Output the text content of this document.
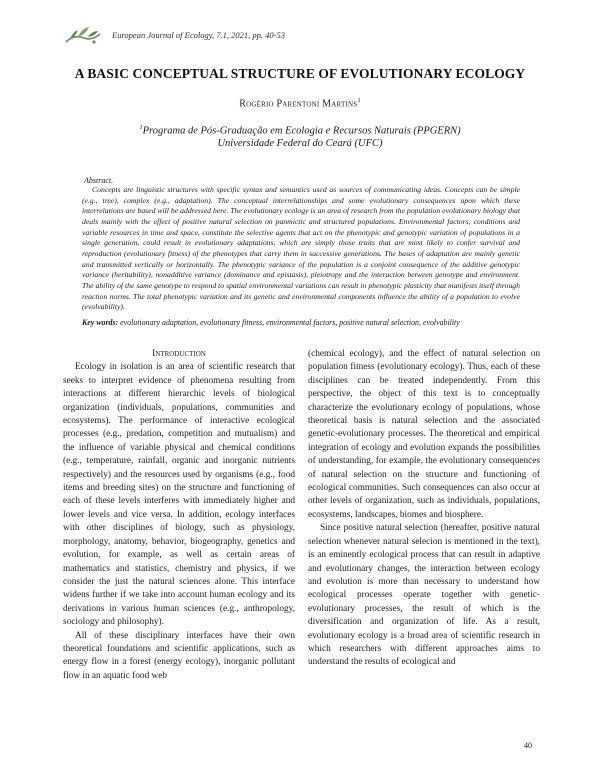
European Journal of Ecology, 7.1, 2021, pp. 40-53
A BASIC CONCEPTUAL STRUCTURE OF EVOLUTIONARY ECOLOGY
Rogério Parentoni Martins$^1$
$^1$Programa de Pós-Graduação em Ecologia e Recursos Naturais (PPGERN)
Universidade Federal do Ceará (UFC)
Abstract.

Concepts are linguistic structures with specific syntax and semantics used as sources of communicating ideas. Concepts can be simple (e.g., tree), complex (e.g., adaptation). The conceptual interrelationships and some evolutionary consequences upon which these interrelations are based will be addressed here. The evolutionary ecology is an area of research from the population evolutionary biology that deals mainly with the effect of positive natural selection on panmictic and structured populations. Environmental factors, conditions and variable resources in time and space, constitute the selective agents that act on the phenotypic and genotypic variation of populations in a single generation, could result in evolutionary adaptations, which are simply those traits that are most likely to confer survival and reproduction (evolutionary fitness) of the phenotypes that carry them in successive generations. The bases of adaptation are mainly genetic and transmitted vertically or horizontally. The phenotypic variance of the population is a conjoint consequence of the additive genotypic variance (heritability), nonadditive variance (dominance and epistasis), pleiotropy and the interaction between genotype and environment. The ability of the same genotype to respond to spatial environmental variations can result in phenotypic plasticity that manifests itself through reaction norms. The total phenotypic variation and its genetic and environmental components influence the ability of a population to evolve (evolvability).

Key words: evolutionary adaptation, evolutionary fitness, environmental factors, positive natural selection, evolvability

Introduction

Ecology in isolation is an area of scientific research that seeks to interpret evidence of phenomena resulting from interactions at different hierarchic levels of biological organization (individuals, populations, communities and ecosystems). The performance of interactive ecological processes (e.g., predation, competition and mutualism) and the influence of variable physical and chemical conditions (e.g., temperature, rainfall, organic and inorganic nutrients respectively) and the resources used by organisms (e.g., food items and breeding sites) on the structure and functioning of each of these levels interferes with immediately higher and lower levels and vice versa. In addition, ecology interfaces with other disciplines of biology, such as physiology, morphology, anatomy, behavior, biogeography, genetics and evolution, for example, as well as certain areas of mathematics and statistics, chemistry and physics, if we consider the just the natural sciences alone. This interface widens further if we take into account human ecology and its derivations in various human sciences (e.g., anthropology, sociology and philosophy).

All of these disciplinary interfaces have their own theoretical foundations and scientific applications, such as energy flow in a forest (energy ecology), inorganic pollutant flow in an aquatic food web

(chemical ecology), and the effect of natural selection on population fitness (evolutionary ecology). Thus, each of these disciplines can be treated independently. From this perspective, the object of this text is to conceptually characterize the evolutionary ecology of populations, whose theoretical basis is natural selection and the associated genetic-evolutionary processes. The theoretical and empirical integration of ecology and evolution expands the possibilities of understanding, for example, the evolutionary consequences of natural selection on the structure and functioning of ecological communities. Such consequences can also occur at other levels of organization, such as individuals, populations, ecosystems, landscapes, biomes and biosphere.

Since positive natural selection (hereafter, positive natural selection whenever natural selecion is mentioned in the text), is an eminently ecological process that can result in adaptive and evolutionary changes, the interaction between ecology and evolution is more than necessary to understand how ecological processes operate together with genetic-evolutionary processes, the result of which is the diversification and organization of life. As a result, evolutionary ecology is a broad area of scientific research in which researchers with different approaches aims to understand the results of ecological and

40
